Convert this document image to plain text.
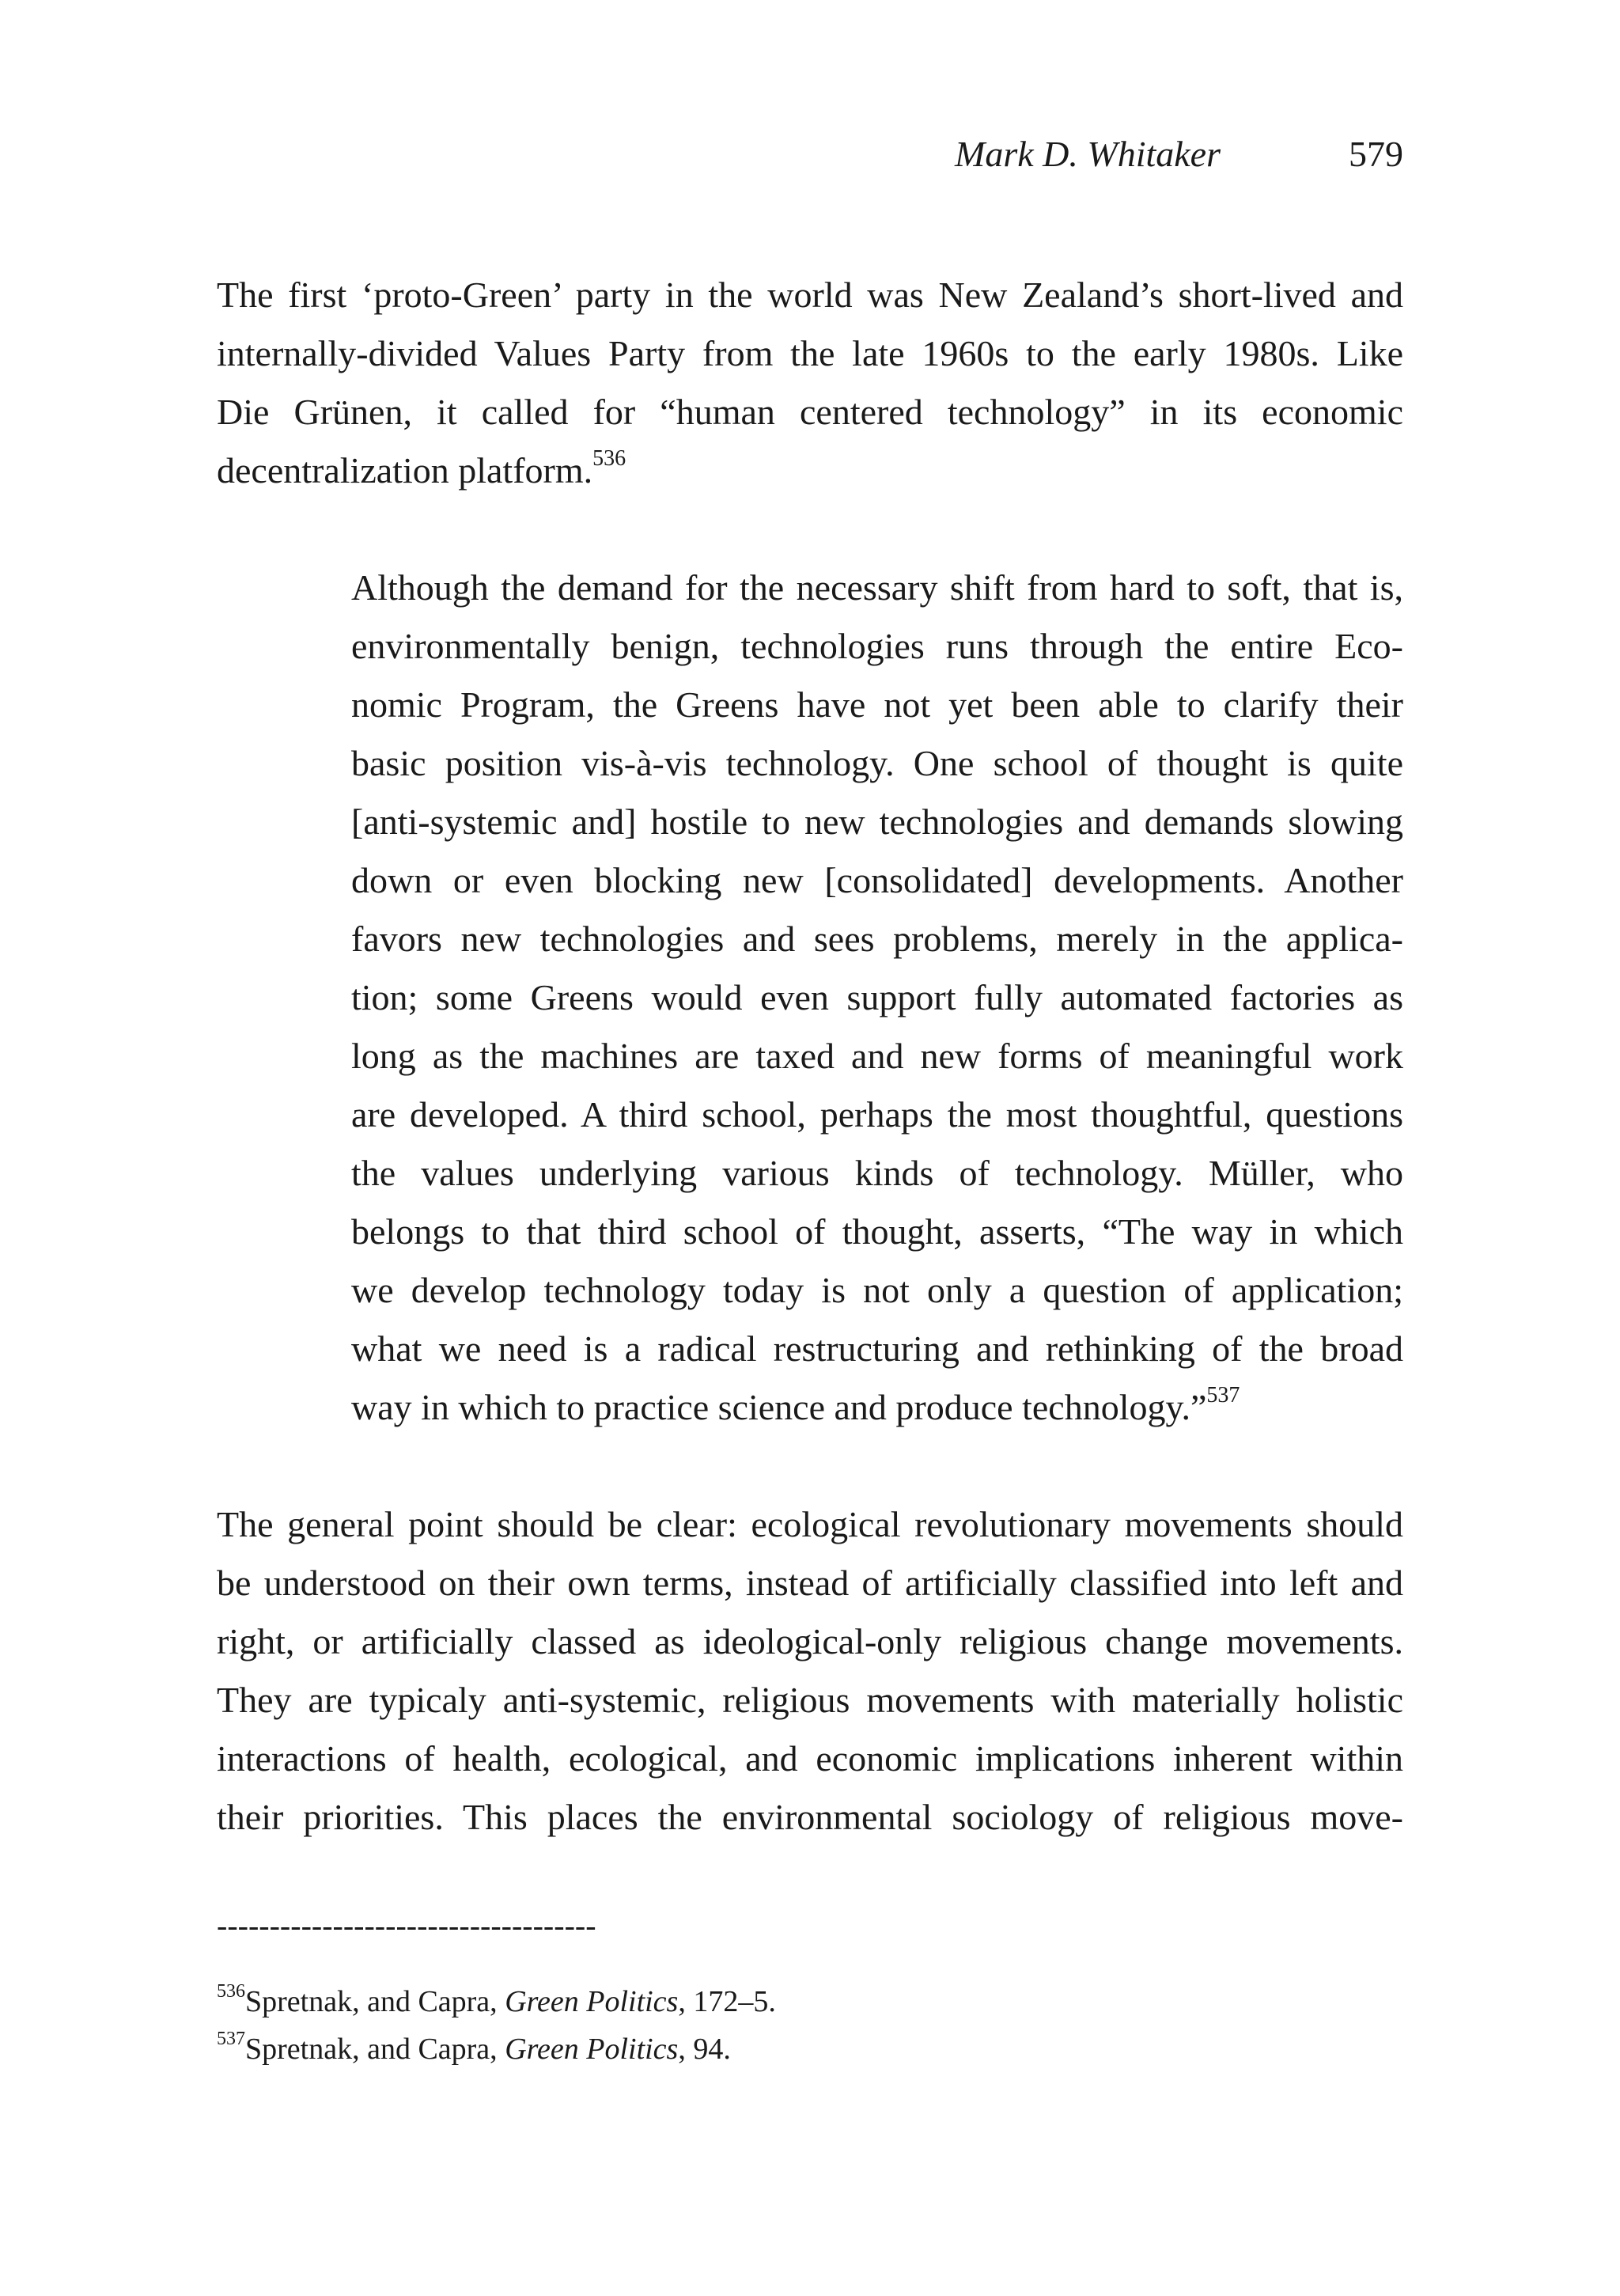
Mark D. Whitaker	579
The first ‘proto-Green’ party in the world was New Zealand’s short-lived and
internally-divided Values Party from the late 1960s to the early 1980s. Like
Die Grünen, it called for “human centered technology” in its economic
decentralization platform.$^{536}$
Although the demand for the necessary shift from hard to soft, that is,
environmentally benign, technologies runs through the entire Eco-
nomic Program, the Greens have not yet been able to clarify their
basic position vis-à-vis technology. One school of thought is quite
[anti-systemic and] hostile to new technologies and demands slowing
down or even blocking new [consolidated] developments. Another
favors new technologies and sees problems, merely in the applica-
tion; some Greens would even support fully automated factories as
long as the machines are taxed and new forms of meaningful work
are developed. A third school, perhaps the most thoughtful, questions
the values underlying various kinds of technology. Müller, who
belongs to that third school of thought, asserts, “The way in which
we develop technology today is not only a question of application;
what we need is a radical restructuring and rethinking of the broad
way in which to practice science and produce technology.”$^{537}$
The general point should be clear: ecological revolutionary movements should
be understood on their own terms, instead of artificially classified into left and
right, or artificially classed as ideological-only religious change movements.
They are typicaly anti-systemic, religious movements with materially holistic
interactions of health, ecological, and economic implications inherent within
their priorities. This places the environmental sociology of religious move-
------------------------------------
$^{536}$Spretnak, and Capra, Green Politics, 172–5.
$^{537}$Spretnak, and Capra, Green Politics, 94.
